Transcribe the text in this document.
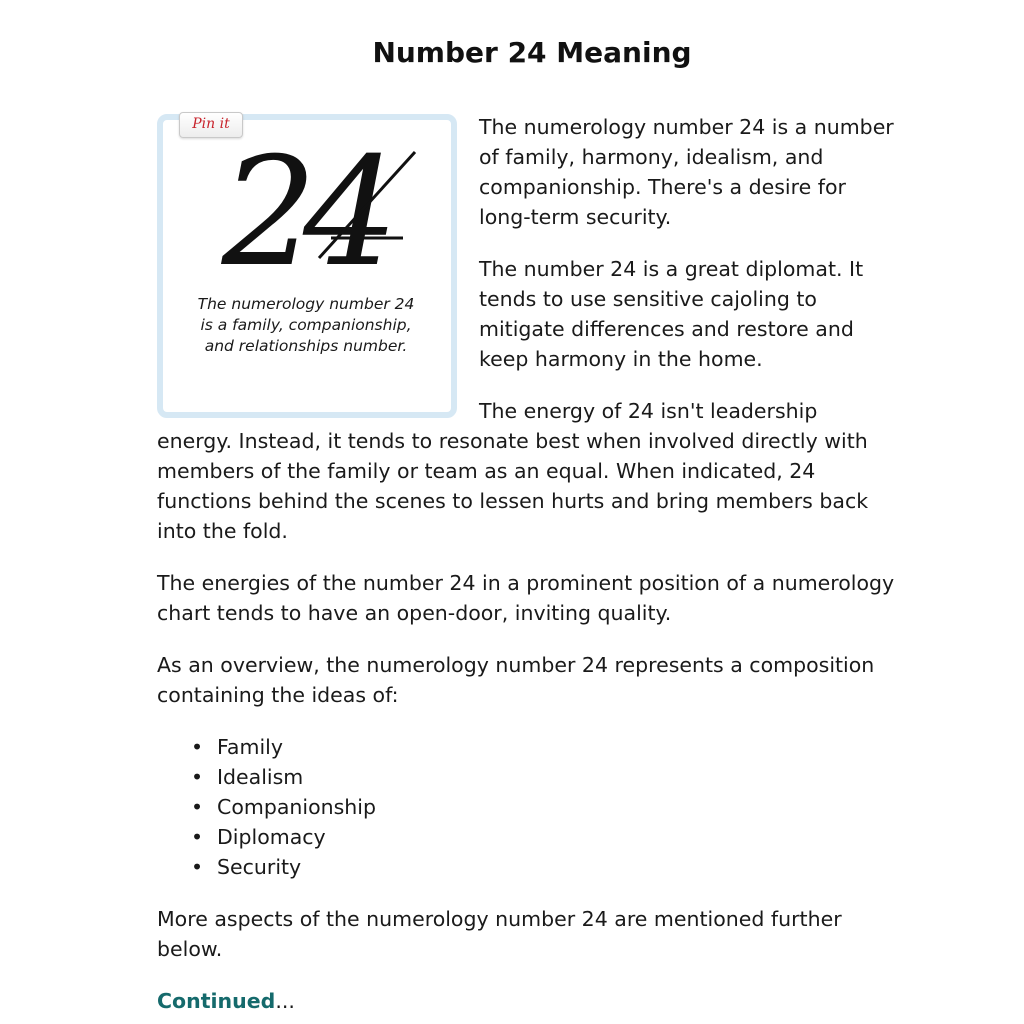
Number 24 Meaning
Pin it
24
The numerology number 24 is a family, companionship, and relationships number.

The numerology number 24 is a number of family, harmony, idealism, and companionship. There's a desire for long-term security.

The number 24 is a great diplomat. It tends to use sensitive cajoling to mitigate differences and restore and keep harmony in the home.

The energy of 24 isn't leadership energy. Instead, it tends to resonate best when involved directly with members of the family or team as an equal. When indicated, 24 functions behind the scenes to lessen hurts and bring members back into the fold.

The energies of the number 24 in a prominent position of a numerology chart tends to have an open-door, inviting quality.

As an overview, the numerology number 24 represents a composition containing the ideas of:

• Family
• Idealism
• Companionship
• Diplomacy
• Security

More aspects of the numerology number 24 are mentioned further below.

Continued...
